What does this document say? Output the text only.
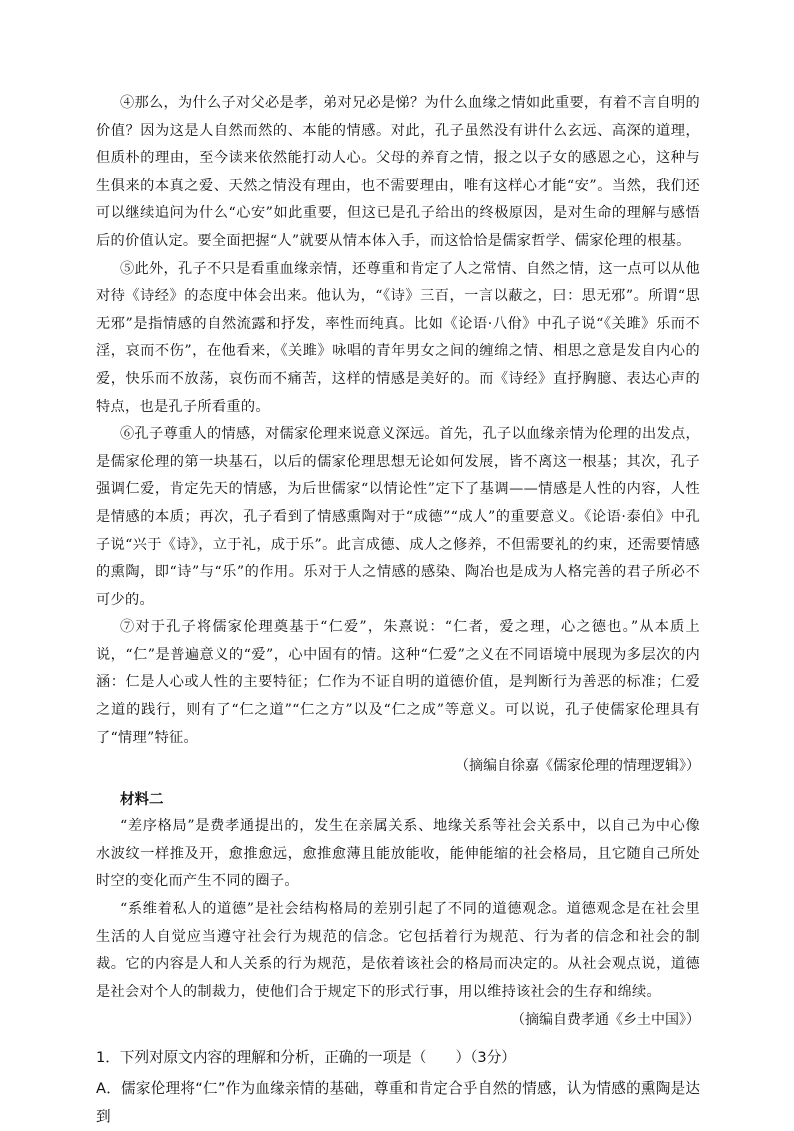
④那么，为什么子对父必是孝，弟对兄必是悌？为什么血缘之情如此重要，有着不言自明的价值？因为这是人自然而然的、本能的情感。对此，孔子虽然没有讲什么玄远、高深的道理，但质朴的理由，至今读来依然能打动人心。父母的养育之情，报之以子女的感恩之心，这种与生俱来的本真之爱、天然之情没有理由，也不需要理由，唯有这样心才能“安”。当然，我们还可以继续追问为什么“心安”如此重要，但这已是孔子给出的终极原因，是对生命的理解与感悟后的价值认定。要全面把握“人”就要从情本体入手，而这恰恰是儒家哲学、儒家伦理的根基。

⑤此外，孔子不只是看重血缘亲情，还尊重和肯定了人之常情、自然之情，这一点可以从他对待《诗经》的态度中体会出来。他认为，“《诗》三百，一言以蔽之，曰：思无邪”。所谓“思无邪”是指情感的自然流露和抒发，率性而纯真。比如《论语·八佾》中孔子说“《关雎》乐而不淫，哀而不伤”，在他看来，《关雎》咏唱的青年男女之间的缠绵之情、相思之意是发自内心的爱，快乐而不放荡，哀伤而不痛苦，这样的情感是美好的。而《诗经》直抒胸臆、表达心声的特点，也是孔子所看重的。

⑥孔子尊重人的情感，对儒家伦理来说意义深远。首先，孔子以血缘亲情为伦理的出发点，是儒家伦理的第一块基石，以后的儒家伦理思想无论如何发展，皆不离这一根基；其次，孔子强调仁爱，肯定先天的情感，为后世儒家“以情论性”定下了基调——情感是人性的内容，人性是情感的本质；再次，孔子看到了情感熏陶对于“成德”“成人”的重要意义。《论语·泰伯》中孔子说“兴于《诗》，立于礼，成于乐”。此言成德、成人之修养，不但需要礼的约束，还需要情感的熏陶，即“诗”与“乐”的作用。乐对于人之情感的感染、陶冶也是成为人格完善的君子所必不可少的。

⑦对于孔子将儒家伦理奠基于“仁爱”，朱熹说：“仁者，爱之理，心之德也。”从本质上说，“仁”是普遍意义的“爱”，心中固有的情。这种“仁爱”之义在不同语境中展现为多层次的内涵：仁是人心或人性的主要特征；仁作为不证自明的道德价值，是判断行为善恶的标准；仁爱之道的践行，则有了“仁之道”“仁之方”以及“仁之成”等意义。可以说，孔子使儒家伦理具有了“情理”特征。

（摘编自徐嘉《儒家伦理的情理逻辑》）

材料二

“差序格局”是费孝通提出的，发生在亲属关系、地缘关系等社会关系中，以自己为中心像水波纹一样推及开，愈推愈远，愈推愈薄且能放能收，能伸能缩的社会格局，且它随自己所处时空的变化而产生不同的圈子。

“系维着私人的道德”是社会结构格局的差别引起了不同的道德观念。道德观念是在社会里生活的人自觉应当遵守社会行为规范的信念。它包括着行为规范、行为者的信念和社会的制裁。它的内容是人和人关系的行为规范，是依着该社会的格局而决定的。从社会观点说，道德是社会对个人的制裁力，使他们合于规定下的形式行事，用以维持该社会的生存和绵续。

（摘编自费孝通《乡土中国》）

1．下列对原文内容的理解和分析，正确的一项是（　　）（3分）

A．儒家伦理将“仁”作为血缘亲情的基础，尊重和肯定合乎自然的情感，认为情感的熏陶是达到
